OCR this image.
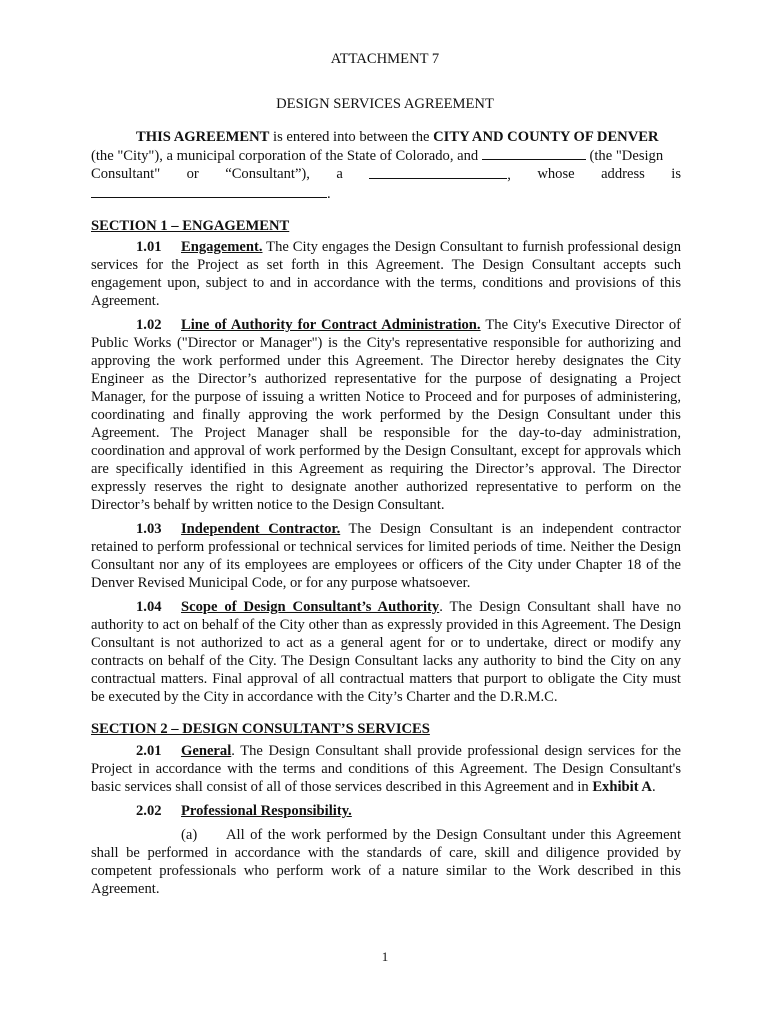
ATTACHMENT 7
DESIGN SERVICES AGREEMENT

THIS AGREEMENT is entered into between the CITY AND COUNTY OF DENVER

(the "City"), a municipal corporation of the State of Colorado, and	(the "Design

Consultant" or “Consultant”), a	, whose address is

.

SECTION 1 – ENGAGEMENT

1.01 Engagement. The City engages the Design Consultant to furnish professional design services for the Project as set forth in this Agreement. The Design Consultant accepts such engagement upon, subject to and in accordance with the terms, conditions and provisions of this Agreement.

1.02 Line of Authority for Contract Administration. The City's Executive Director of Public Works ("Director or Manager") is the City's representative responsible for authorizing and approving the work performed under this Agreement. The Director hereby designates the City Engineer as the Director’s authorized representative for the purpose of designating a Project Manager, for the purpose of issuing a written Notice to Proceed and for purposes of administering, coordinating and finally approving the work performed by the Design Consultant under this Agreement. The Project Manager shall be responsible for the day-to-day administration, coordination and approval of work performed by the Design Consultant, except for approvals which are specifically identified in this Agreement as requiring the Director’s approval. The Director expressly reserves the right to designate another authorized representative to perform on the Director’s behalf by written notice to the Design Consultant.

1.03 Independent Contractor. The Design Consultant is an independent contractor retained to perform professional or technical services for limited periods of time. Neither the Design Consultant nor any of its employees are employees or officers of the City under Chapter 18 of the Denver Revised Municipal Code, or for any purpose whatsoever.

1.04 Scope of Design Consultant’s Authority. The Design Consultant shall have no authority to act on behalf of the City other than as expressly provided in this Agreement. The Design Consultant is not authorized to act as a general agent for or to undertake, direct or modify any contracts on behalf of the City. The Design Consultant lacks any authority to bind the City on any contractual matters. Final approval of all contractual matters that purport to obligate the City must be executed by the City in accordance with the City’s Charter and the D.R.M.C.

SECTION 2 – DESIGN CONSULTANT’S SERVICES

2.01 General. The Design Consultant shall provide professional design services for the Project in accordance with the terms and conditions of this Agreement. The Design Consultant's basic services shall consist of all of those services described in this Agreement and in Exhibit A.

2.02 Professional Responsibility.

(a) All of the work performed by the Design Consultant under this Agreement shall be performed in accordance with the standards of care, skill and diligence provided by competent professionals who perform work of a nature similar to the Work described in this Agreement.

1
